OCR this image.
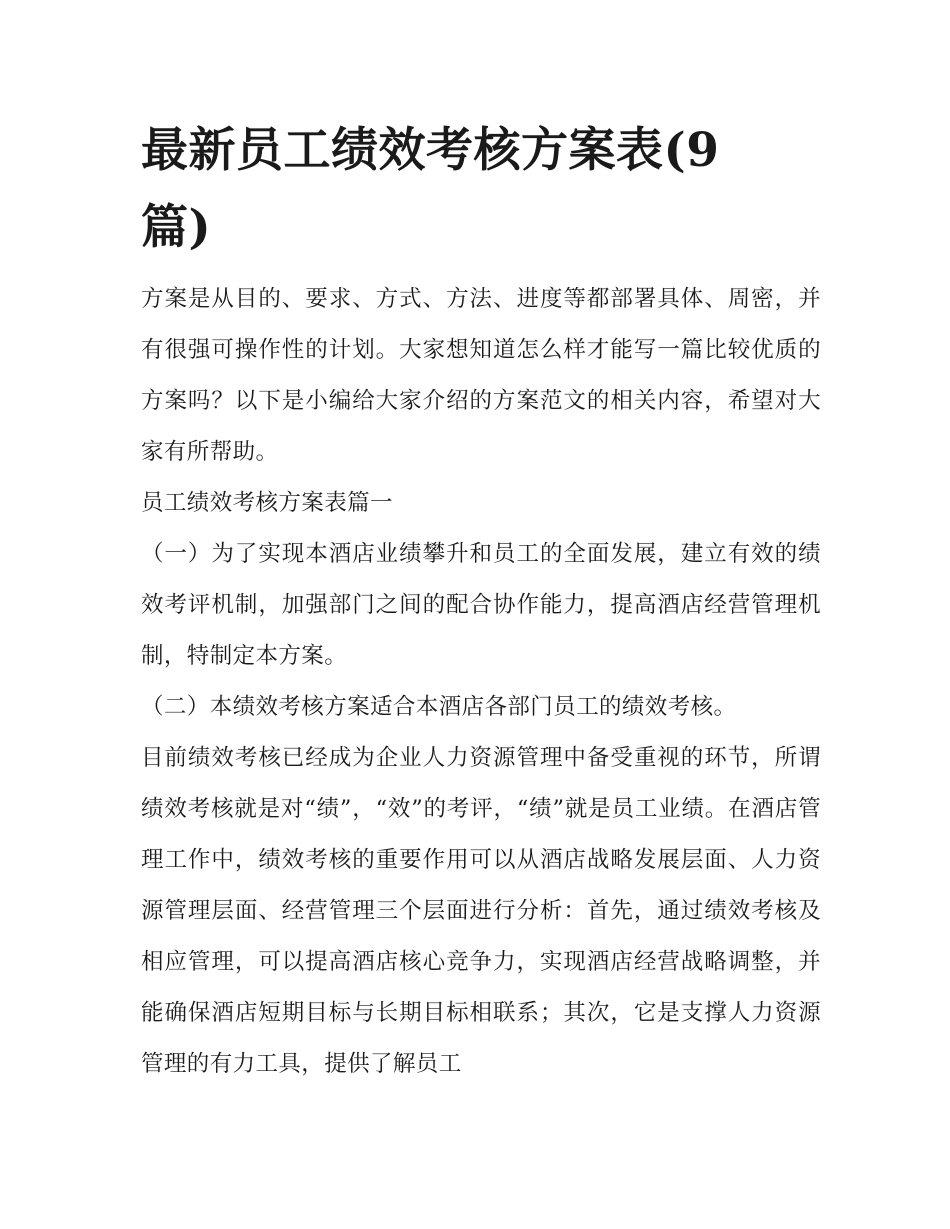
最新员工绩效考核方案表(9篇)

方案是从目的、要求、方式、方法、进度等都部署具体、周密，并有很强可操作性的计划。大家想知道怎么样才能写一篇比较优质的方案吗？以下是小编给大家介绍的方案范文的相关内容，希望对大家有所帮助。

员工绩效考核方案表篇一

（一）为了实现本酒店业绩攀升和员工的全面发展，建立有效的绩效考评机制，加强部门之间的配合协作能力，提高酒店经营管理机制，特制定本方案。

（二）本绩效考核方案适合本酒店各部门员工的绩效考核。

目前绩效考核已经成为企业人力资源管理中备受重视的环节，所谓绩效考核就是对“绩”，“效”的考评，“绩”就是员工业绩。在酒店管理工作中，绩效考核的重要作用可以从酒店战略发展层面、人力资源管理层面、经营管理三个层面进行分析：首先，通过绩效考核及相应管理，可以提高酒店核心竞争力，实现酒店经营战略调整，并能确保酒店短期目标与长期目标相联系；其次，它是支撑人力资源管理的有力工具，提供了解员工
